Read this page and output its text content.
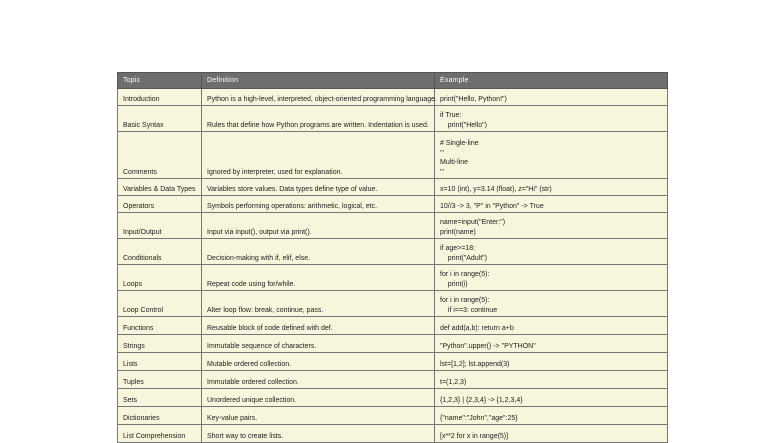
Topic	Definition	Example
Introduction	Python is a high-level, interpreted, object-oriented programming language.	print("Hello, Python!")
Basic Syntax	Rules that define how Python programs are written. Indentation is used.	if True:
print("Hello")
Comments	Ignored by interpreter, used for explanation.	# Single-line
'''
Multi-line
'''
Variables & Data Types	Variables store values. Data types define type of value.	x=10 (int), y=3.14 (float), z="Hi" (str)
Operators	Symbols performing operations: arithmetic, logical, etc.	10//3 -> 3, "P" in "Python" -> True
Input/Output	Input via input(), output via print().	name=input("Enter:")
print(name)
Conditionals	Decision-making with if, elif, else.	if age>=18:
print("Adult")
Loops	Repeat code using for/while.	for i in range(5):
print(i)
Loop Control	Alter loop flow: break, continue, pass.	for i in range(5):
if i==3: continue
Functions	Reusable block of code defined with def.	def add(a,b): return a+b
Strings	Immutable sequence of characters.	"Python".upper() -> "PYTHON"
Lists	Mutable ordered collection.	lst=[1,2]; lst.append(3)
Tuples	Immutable ordered collection.	t=(1,2,3)
Sets	Unordered unique collection.	{1,2,3} | {2,3,4} -> {1,2,3,4}
Dictionaries	Key-value pairs.	{"name":"John","age":25}
List Comprehension	Short way to create lists.	[x**2 for x in range(5)]
